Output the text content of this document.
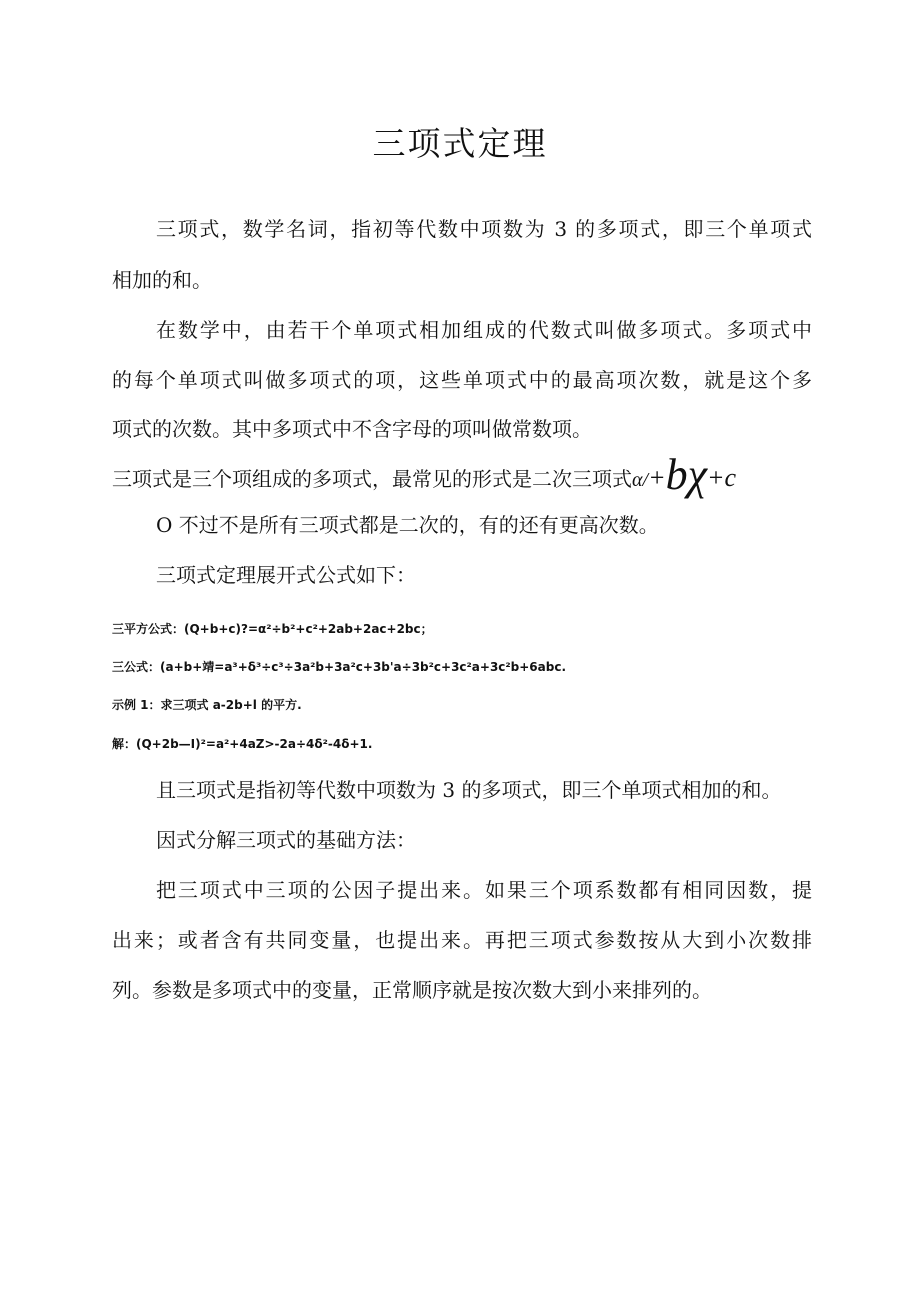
三项式定理
三项式，数学名词，指初等代数中项数为 3 的多项式，即三个单项式
相加的和。
在数学中，由若干个单项式相加组成的代数式叫做多项式。多项式中
的每个单项式叫做多项式的项，这些单项式中的最高项次数，就是这个多
项式的次数。其中多项式中不含字母的项叫做常数项。
三项式是三个项组成的多项式，最常见的形式是二次三项式α/+bχ+c
O 不过不是所有三项式都是二次的，有的还有更高次数。
三项式定理展开式公式如下：
三平方公式：(Q+b+c)?=α²÷b²+c²+2ab+2ac+2bc；
三公式：(a+b+靖=a³+δ³÷c³÷3a²b+3a²c+3b'a÷3b²c+3c²a+3c²b+6abc.
示例 1：求三项式 a-2b+l 的平方.
解：(Q+2b—I)²=a²+4aZ>-2a÷4δ²-4δ+1.
且三项式是指初等代数中项数为 3 的多项式，即三个单项式相加的和。
因式分解三项式的基础方法：
把三项式中三项的公因子提出来。如果三个项系数都有相同因数，提
出来；或者含有共同变量，也提出来。再把三项式参数按从大到小次数排
列。参数是多项式中的变量，正常顺序就是按次数大到小来排列的。
